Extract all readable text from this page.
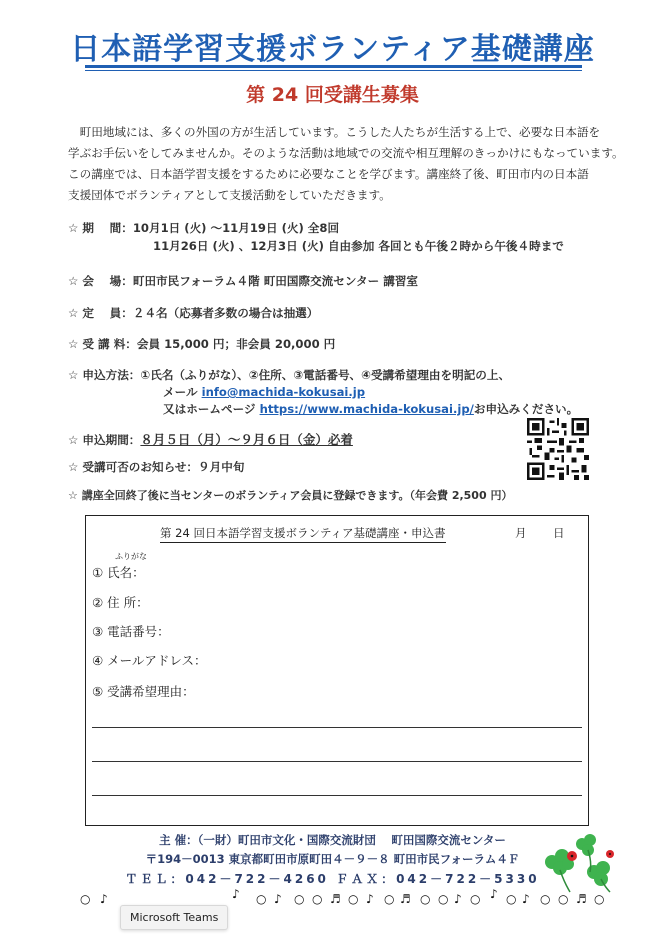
日本語学習支援ボランティア基礎講座
第 24 回受講生募集
　町田地域には、多くの外国の方が生活しています。こうした人たちが生活する上で、必要な日本語を
学ぶお手伝いをしてみませんか。そのような活動は地域での交流や相互理解のきっかけにもなっています。
この講座では、日本語学習支援をするために必要なことを学びます。講座終了後、町田市内の日本語
支援団体でボランティアとして支援活動をしていただきます。
☆ 期　 間：10月1日 (火) ～11月19日 (火) 全8回
11月26日 (火) 、12月3日 (火) 自由参加 各回とも午後２時から午後４時まで
☆ 会　 場：町田市民フォーラム４階 町田国際交流センター 講習室
☆ 定　 員：２４名（応募者多数の場合は抽選）
☆ 受 講 料：会員 15,000 円；非会員 20,000 円
☆ 申込方法：①氏名（ふりがな）、②住所、③電話番号、④受講希望理由を明記の上、
メール info@machida-kokusai.jp
又はホームページ https://www.machida-kokusai.jp/お申込みください。
☆ 申込期間：８月５日（月）～９月６日（金）必着
☆ 受講可否のお知らせ：９月中旬
☆ 講座全回終了後に当センターのボランティア会員に登録できます。（年会費 2,500 円）
第 24 回日本語学習支援ボランティア基礎講座・申込書	月 日
ふりがな
① 氏名：
② 住 所：
③ 電話番号：
④ メールアドレス：
⑤ 受講希望理由：
主 催：（一財）町田市文化・国際交流財団　 町田国際交流センター
〒194－0013 東京都町田市原町田４－９－８ 町田市民フォーラム４Ｆ
ＴＥＬ：042－722－4260 ＦＡＸ：042－722－5330
○ ♪	♪ ○ ♪ ○ ○ ♬ ○ ♪ ○ ♬ ○ ○ ♪ ○ ♪ ○ ♪ ○ ○ ♬ ○
Microsoft Teams
